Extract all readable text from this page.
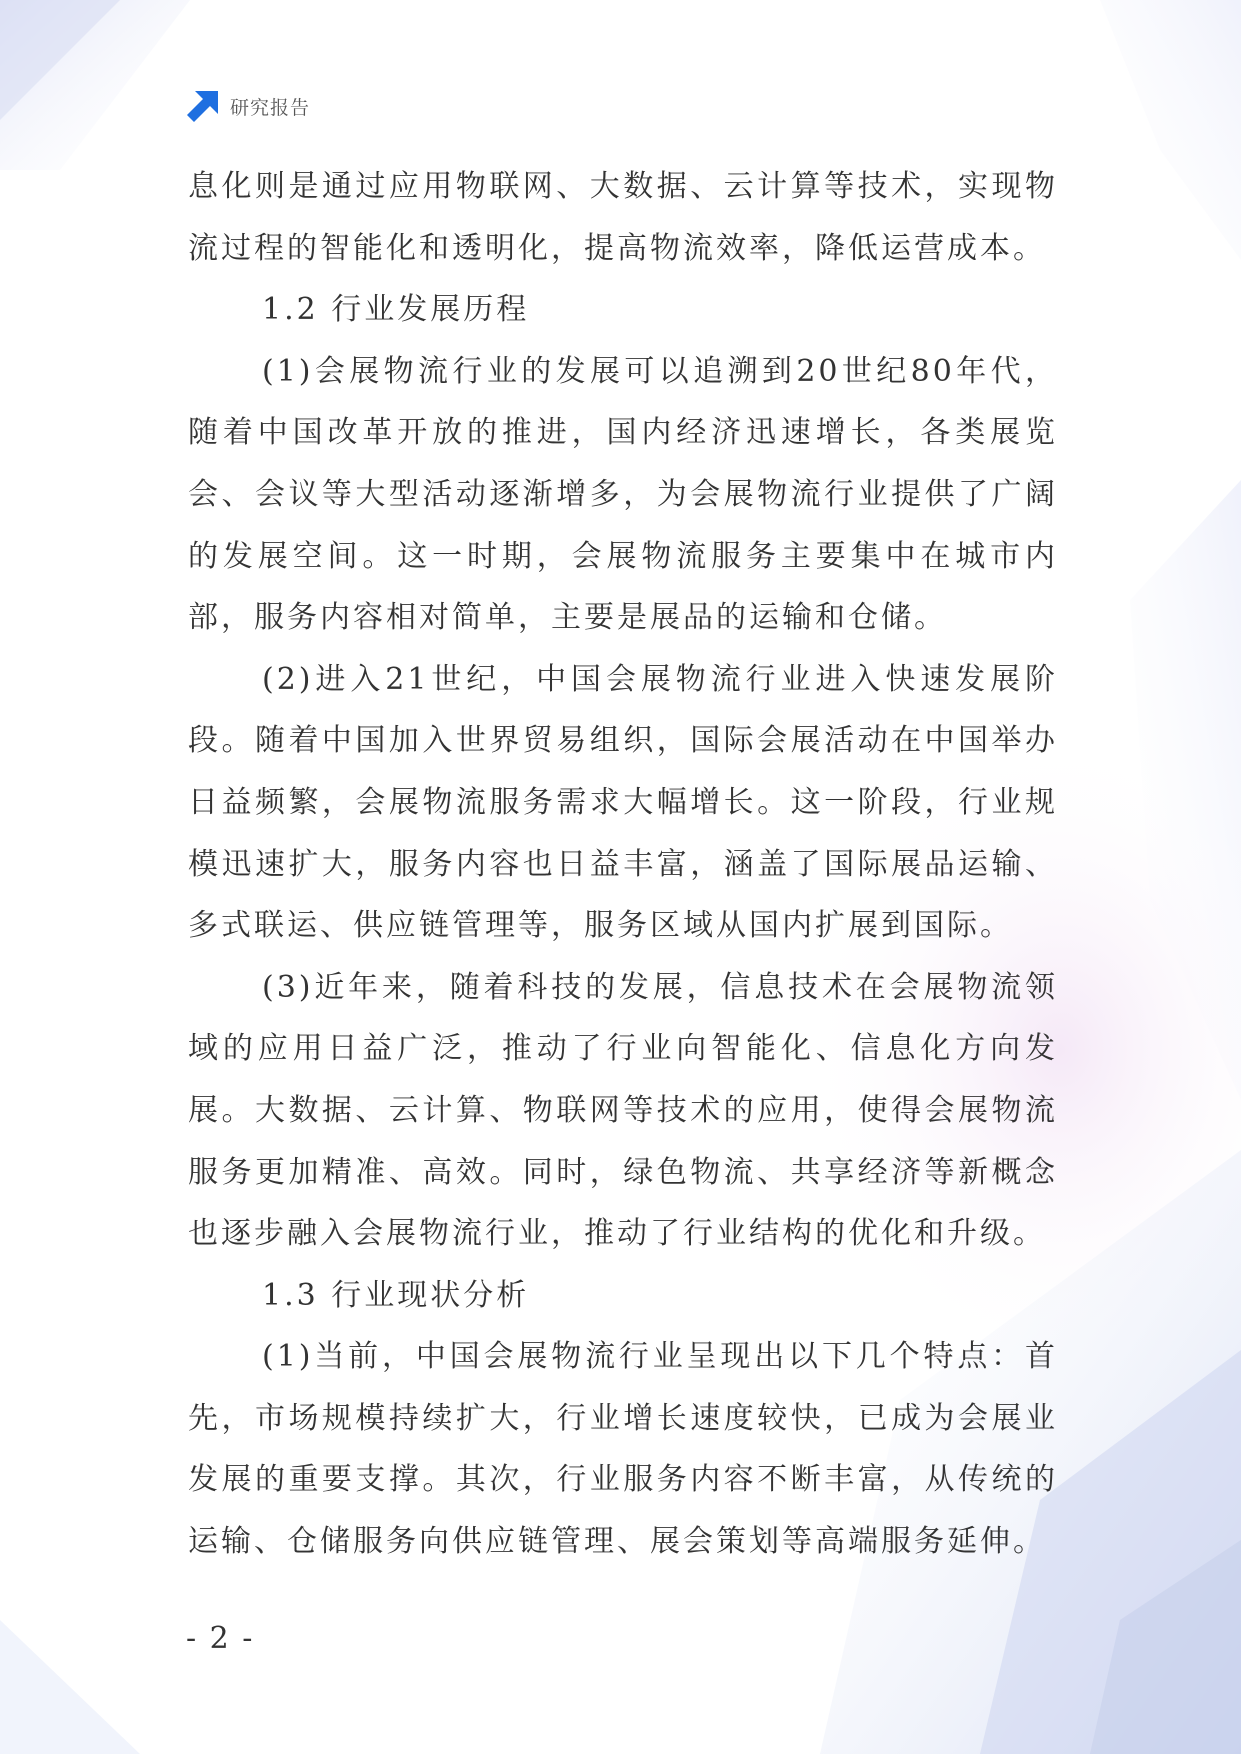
研究报告

息化则是通过应用物联网、大数据、云计算等技术，实现物流过程的智能化和透明化，提高物流效率，降低运营成本。

1.2 行业发展历程

(1)会展物流行业的发展可以追溯到20世纪80年代，随着中国改革开放的推进，国内经济迅速增长，各类展览会、会议等大型活动逐渐增多，为会展物流行业提供了广阔的发展空间。这一时期，会展物流服务主要集中在城市内部，服务内容相对简单，主要是展品的运输和仓储。

(2)进入21世纪，中国会展物流行业进入快速发展阶段。随着中国加入世界贸易组织，国际会展活动在中国举办日益频繁，会展物流服务需求大幅增长。这一阶段，行业规模迅速扩大，服务内容也日益丰富，涵盖了国际展品运输、多式联运、供应链管理等，服务区域从国内扩展到国际。

(3)近年来，随着科技的发展，信息技术在会展物流领域的应用日益广泛，推动了行业向智能化、信息化方向发展。大数据、云计算、物联网等技术的应用，使得会展物流服务更加精准、高效。同时，绿色物流、共享经济等新概念也逐步融入会展物流行业，推动了行业结构的优化和升级。

1.3 行业现状分析

(1)当前，中国会展物流行业呈现出以下几个特点：首先，市场规模持续扩大，行业增长速度较快，已成为会展业发展的重要支撑。其次，行业服务内容不断丰富，从传统的运输、仓储服务向供应链管理、展会策划等高端服务延伸。

- 2 -
